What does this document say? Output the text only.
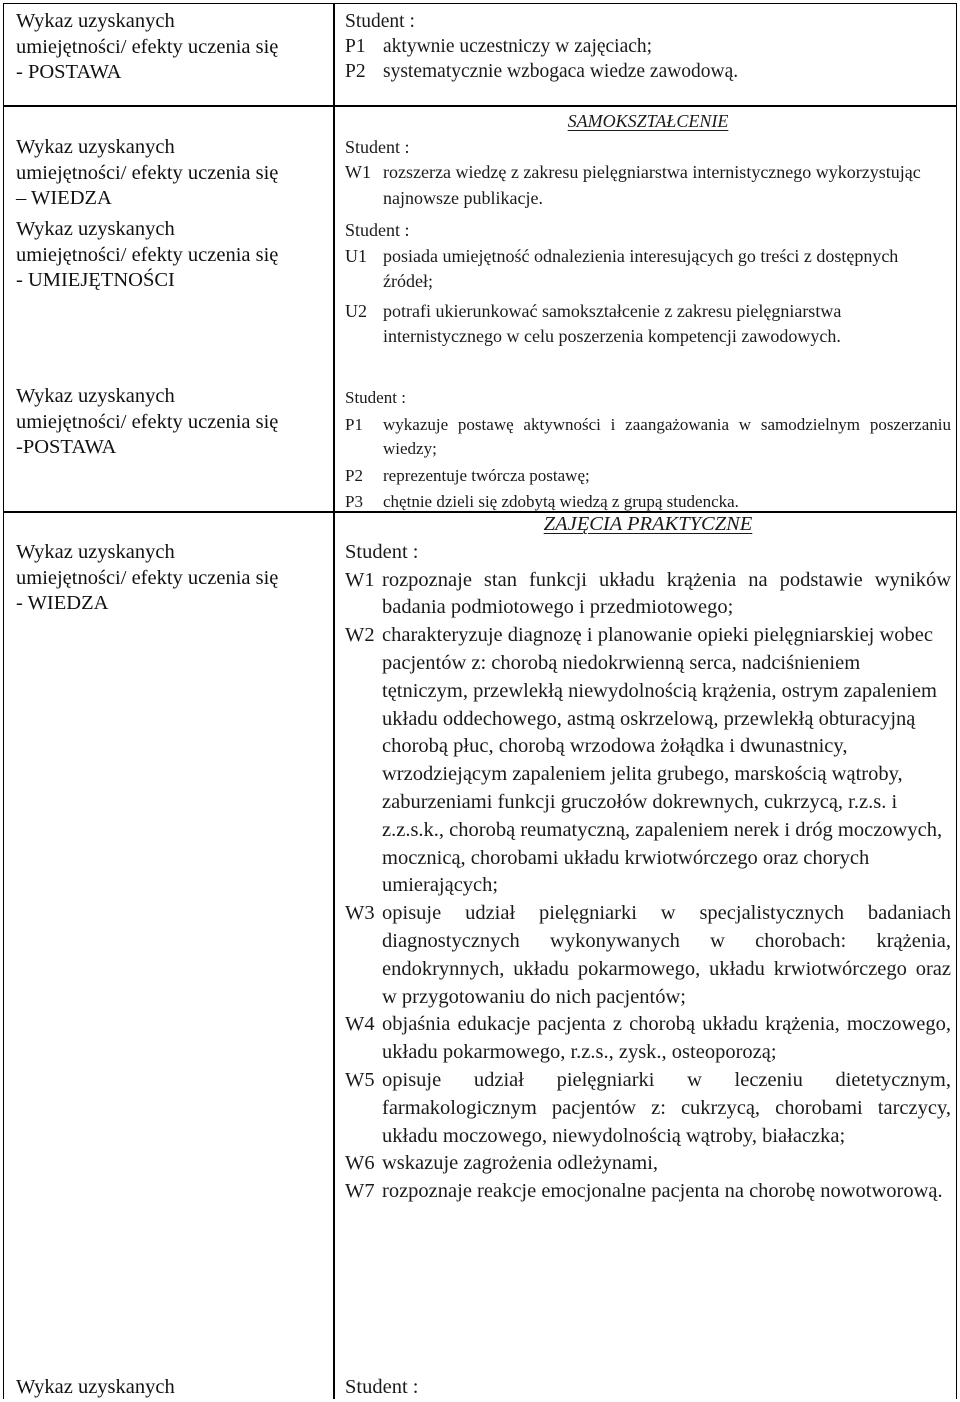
Wykaz uzyskanych
umiejętności/ efekty uczenia się
- POSTAWA
Student :
P1 aktywnie uczestniczy w zajęciach;
P2 systematycznie wzbogaca wiedze zawodową.
Wykaz uzyskanych
umiejętności/ efekty uczenia się
– WIEDZA
SAMOKSZTAŁCENIE
Student :
W1 rozszerza wiedzę z zakresu pielęgniarstwa internistycznego wykorzystując najnowsze publikacje.
Wykaz uzyskanych
umiejętności/ efekty uczenia się
- UMIEJĘTNOŚCI
Student :
U1 posiada umiejętność odnalezienia interesujących go treści z dostępnych źródeł;
U2 potrafi ukierunkować samokształcenie z zakresu pielęgniarstwa internistycznego w celu poszerzenia kompetencji zawodowych.
Wykaz uzyskanych
umiejętności/ efekty uczenia się
-POSTAWA
Student :
P1 wykazuje postawę aktywności i zaangażowania w samodzielnym poszerzaniu wiedzy;
P2 reprezentuje twórcza postawę;
P3 chętnie dzieli się zdobytą wiedzą z grupą studencka.
Wykaz uzyskanych
umiejętności/ efekty uczenia się
- WIEDZA
ZAJĘCIA PRAKTYCZNE
Student :
W1 rozpoznaje stan funkcji układu krążenia na podstawie wyników badania podmiotowego i przedmiotowego;
W2 charakteryzuje diagnozę i planowanie opieki pielęgniarskiej wobec pacjentów z: chorobą niedokrwienną serca, nadciśnieniem tętniczym, przewlekłą niewydolnością krążenia, ostrym zapaleniem układu oddechowego, astmą oskrzelową, przewlekłą obturacyjną chorobą płuc, chorobą wrzodowa żołądka i dwunastnicy, wrzodziejącym zapaleniem jelita grubego, marskością wątroby, zaburzeniami funkcji gruczołów dokrewnych, cukrzycą, r.z.s. i z.z.s.k., chorobą reumatyczną, zapaleniem nerek i dróg moczowych, mocznicą, chorobami układu krwiotwórczego oraz chorych umierających;
W3 opisuje udział pielęgniarki w specjalistycznych badaniach diagnostycznych wykonywanych w chorobach: krążenia, endokrynnych, układu pokarmowego, układu krwiotwórczego oraz w przygotowaniu do nich pacjentów;
W4 objaśnia edukacje pacjenta z chorobą układu krążenia, moczowego, układu pokarmowego, r.z.s., zysk., osteoporozą;
W5 opisuje udział pielęgniarki w leczeniu dietetycznym, farmakologicznym pacjentów z: cukrzycą, chorobami tarczycy, układu moczowego, niewydolnością wątroby, białaczka;
W6 wskazuje zagrożenia odleżynami,
W7 rozpoznaje reakcje emocjonalne pacjenta na chorobę nowotworową.
Wykaz uzyskanych	Student :
